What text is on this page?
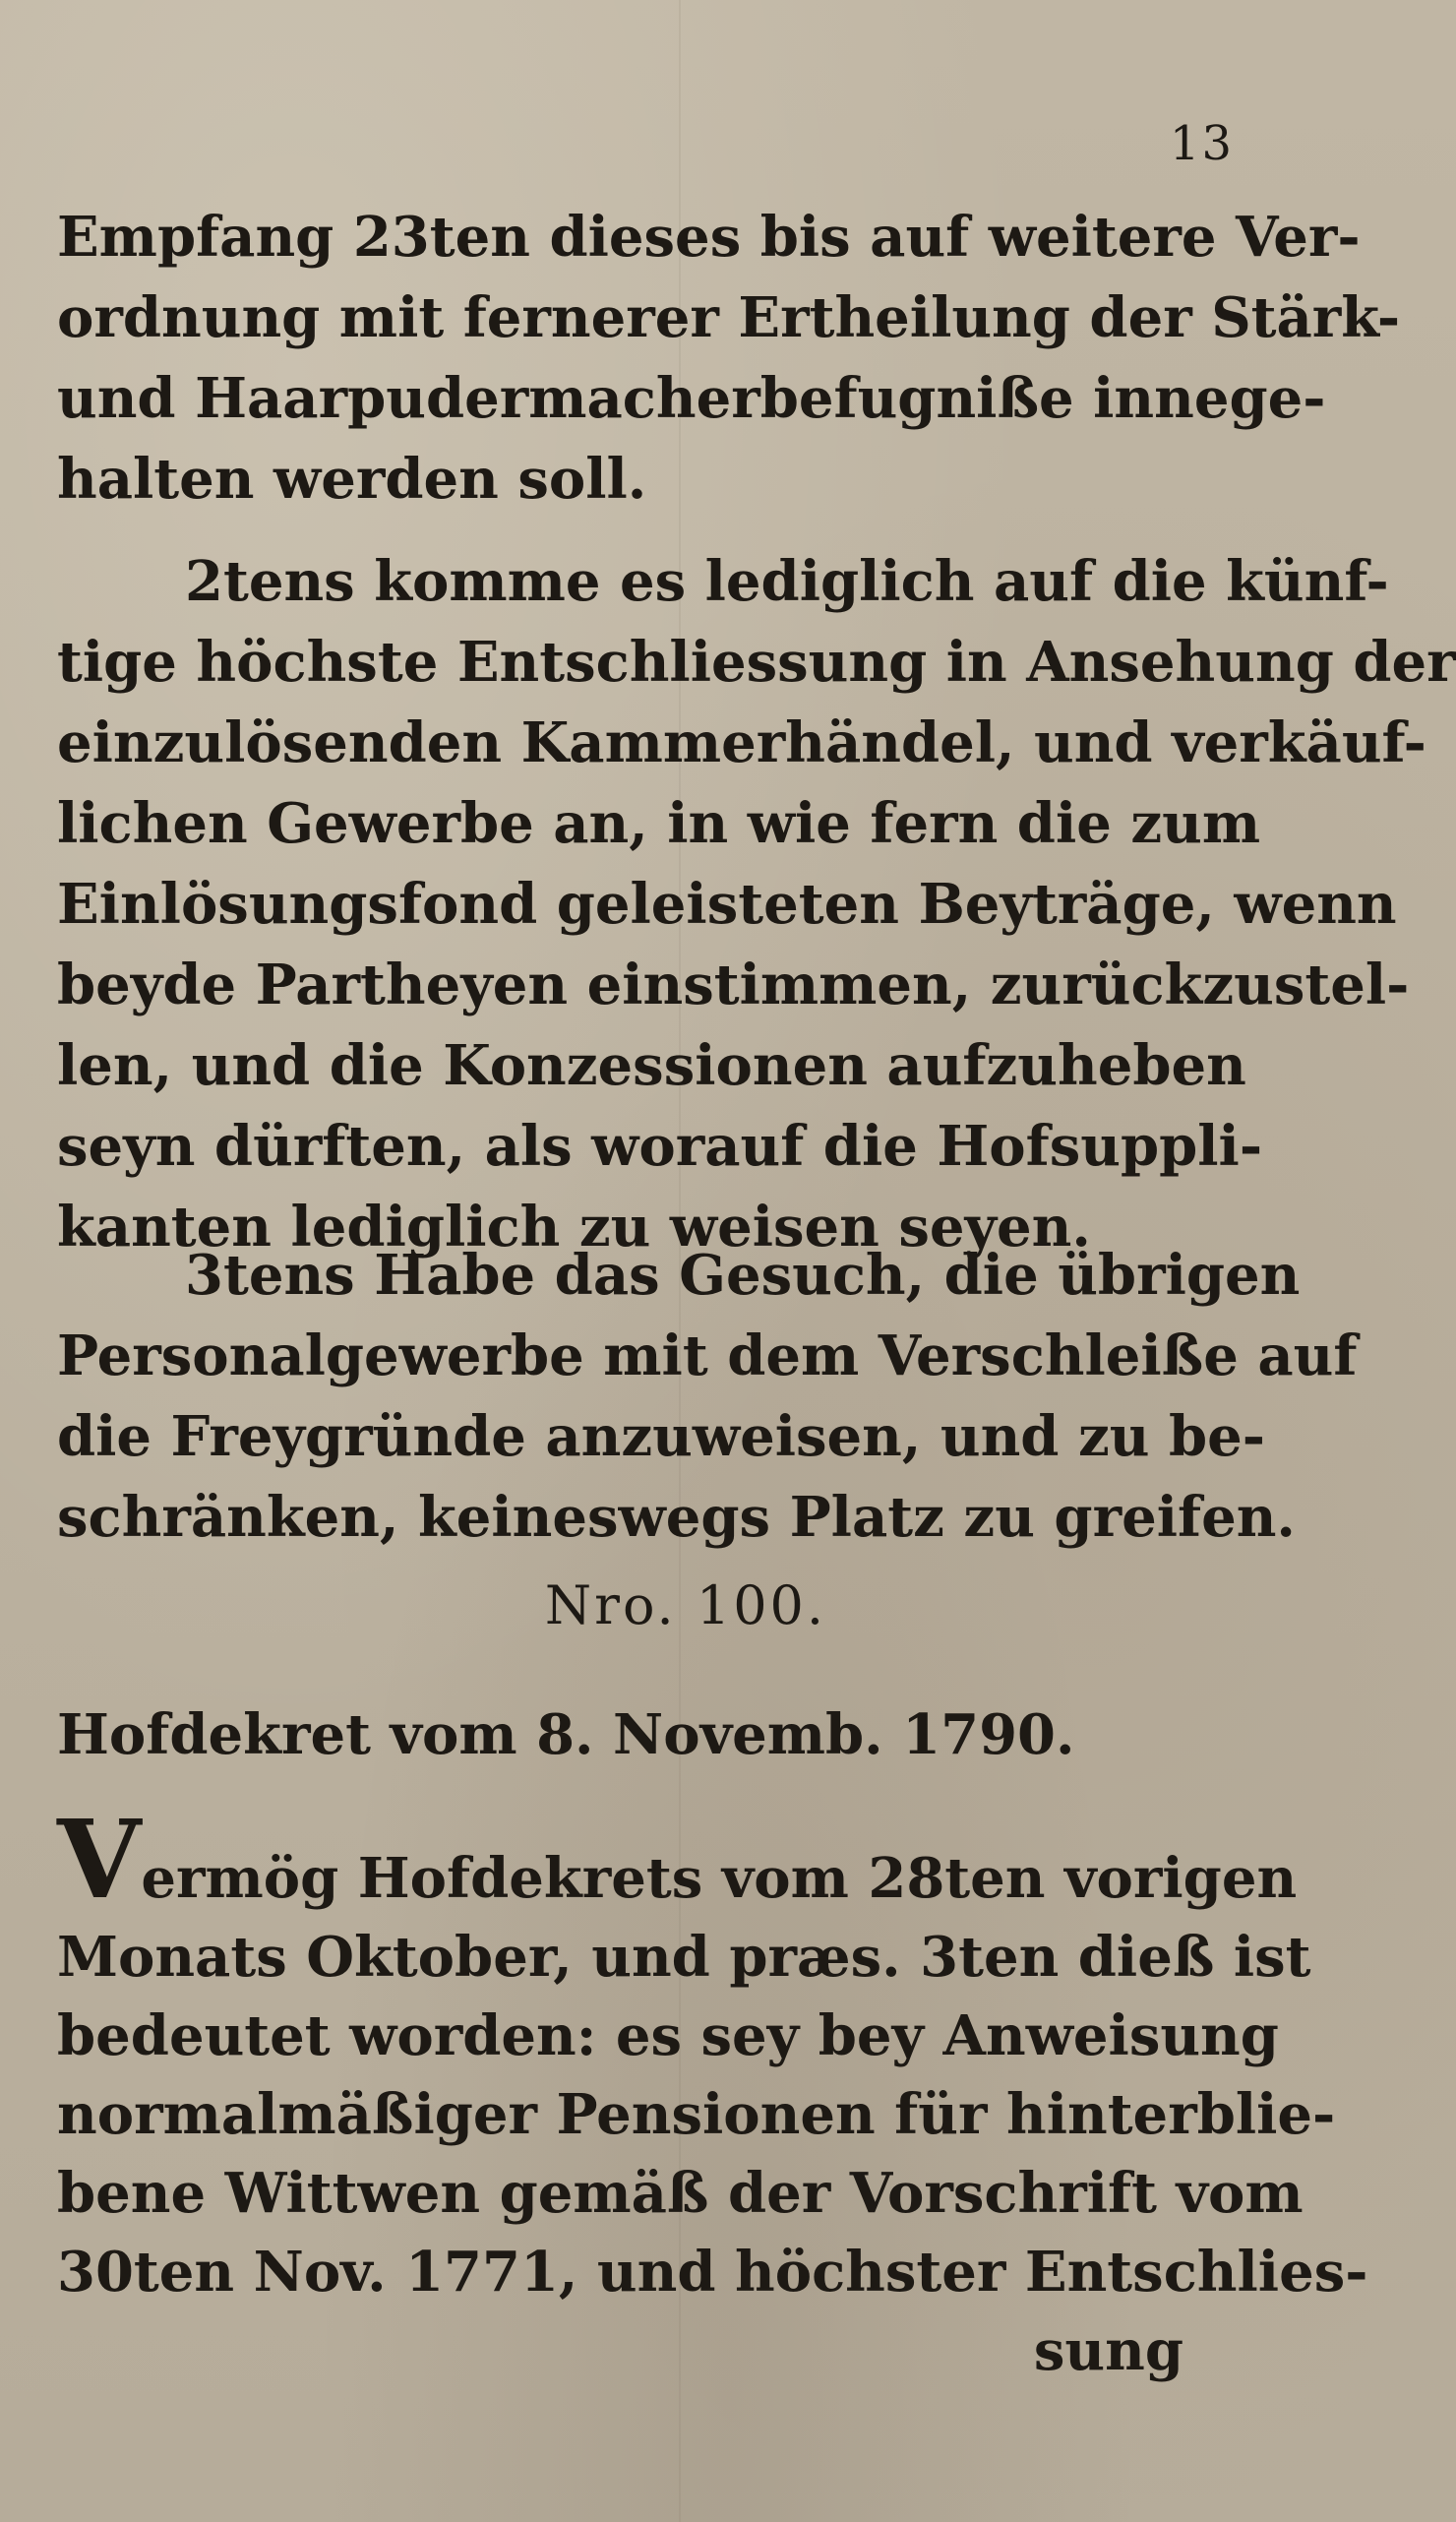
13
Empfang 23ten dieses bis auf weitere Ver-
ordnung mit fernerer Ertheilung der Stärk-
und Haarpudermacherbefugniße innege-
halten werden soll.
2tens komme es lediglich auf die künf-
tige höchste Entschliessung in Ansehung der
einzulösenden Kammerhändel, und verkäuf-
lichen Gewerbe an, in wie fern die zum
Einlösungsfond geleisteten Beyträge, wenn
beyde Partheyen einstimmen, zurückzustel-
len, und die Konzessionen aufzuheben
seyn dürften, als worauf die Hofsuppli-
kanten lediglich zu weisen seyen.
3tens Habe das Gesuch, die übrigen
Personalgewerbe mit dem Verschleiße auf
die Freygründe anzuweisen, und zu be-
schränken, keineswegs Platz zu greifen.
Nro. 100.
Hofdekret vom 8. Novemb. 1790.
Vermög Hofdekrets vom 28ten vorigen
Monats Oktober, und præs. 3ten dieß ist
bedeutet worden: es sey bey Anweisung
normalmäßiger Pensionen für hinterblie-
bene Wittwen gemäß der Vorschrift vom
30ten Nov. 1771, und höchster Entschlies-
sung
